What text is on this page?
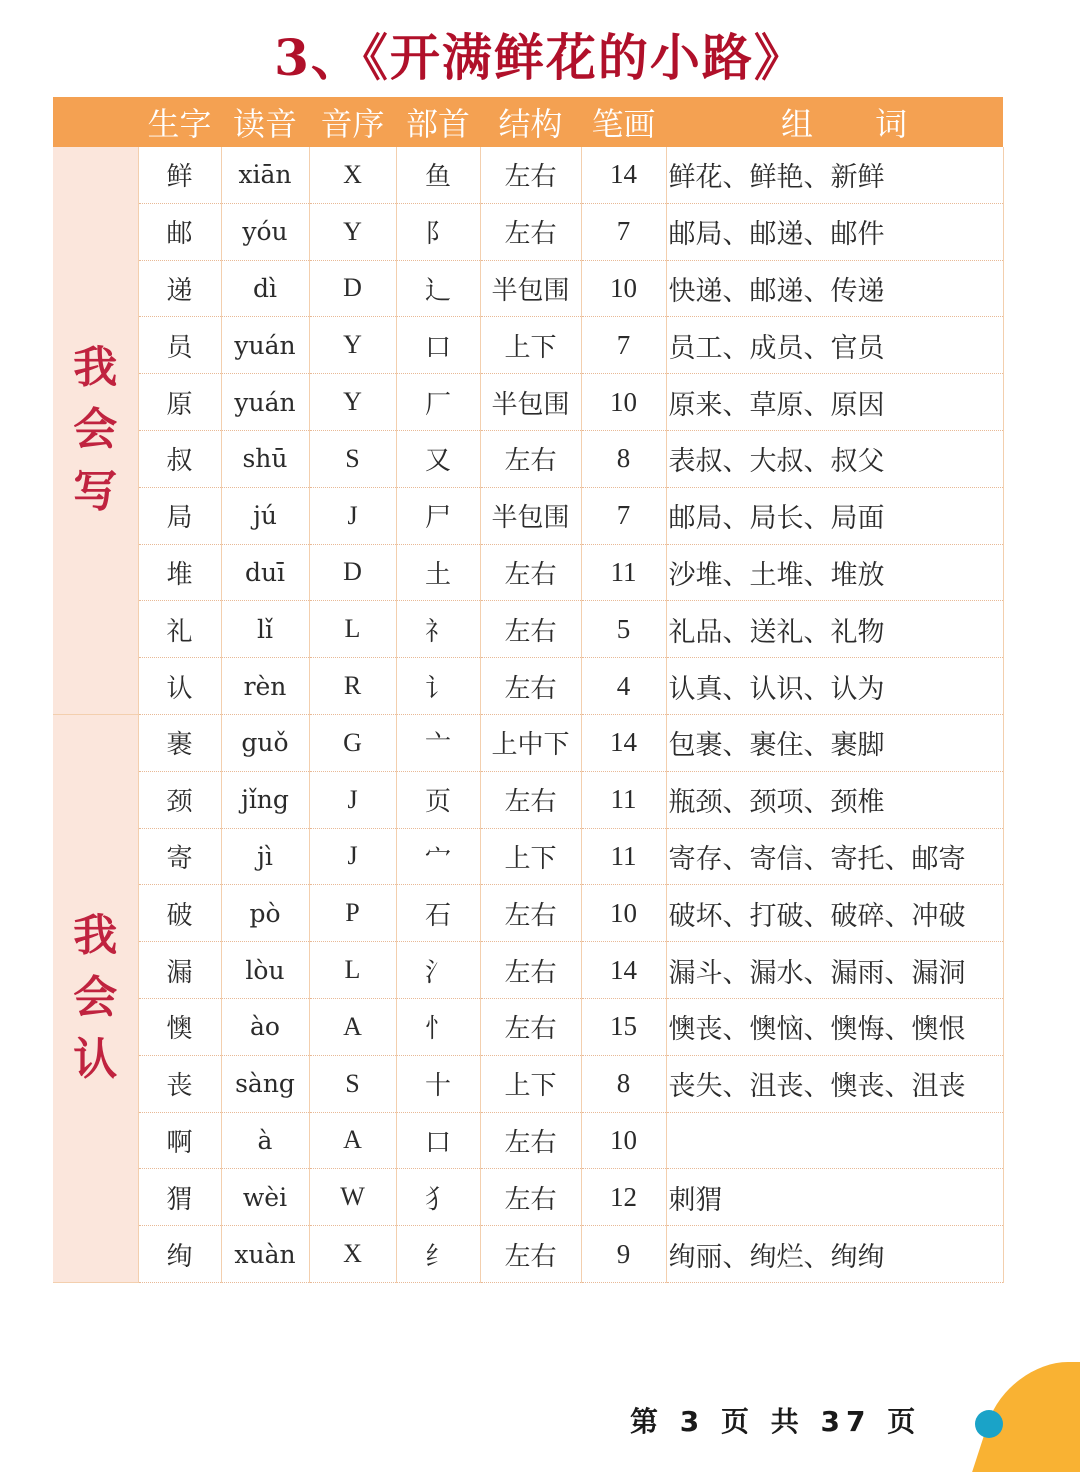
3、《开满鲜花的小路》
	生字	读音	音序	部首	结构	笔画	组 词

我
会
写	鲜	xiān	X	鱼	左右	14	鲜花、鲜艳、新鲜
	邮	yóu	Y	阝	左右	7	邮局、邮递、邮件
	递	dì	D	辶	半包围	10	快递、邮递、传递
	员	yuán	Y	口	上下	7	员工、成员、官员
	原	yuán	Y	厂	半包围	10	原来、草原、原因
	叔	shū	S	又	左右	8	表叔、大叔、叔父
	局	jú	J	尸	半包围	7	邮局、局长、局面
	堆	duī	D	土	左右	11	沙堆、土堆、堆放
	礼	lǐ	L	礻	左右	5	礼品、送礼、礼物
	认	rèn	R	讠	左右	4	认真、认识、认为

我
会
认	裹	guǒ	G	亠	上中下	14	包裹、裹住、裹脚
	颈	jǐng	J	页	左右	11	瓶颈、颈项、颈椎
	寄	jì	J	宀	上下	11	寄存、寄信、寄托、邮寄
	破	pò	P	石	左右	10	破坏、打破、破碎、冲破
	漏	lòu	L	氵	左右	14	漏斗、漏水、漏雨、漏洞
	懊	ào	A	忄	左右	15	懊丧、懊恼、懊悔、懊恨
	丧	sàng	S	十	上下	8	丧失、沮丧、懊丧、沮丧
	啊	à	A	口	左右	10	
	猬	wèi	W	犭	左右	12	刺猬
	绚	xuàn	X	纟	左右	9	绚丽、绚烂、绚绚
第 3 页 共 37 页
